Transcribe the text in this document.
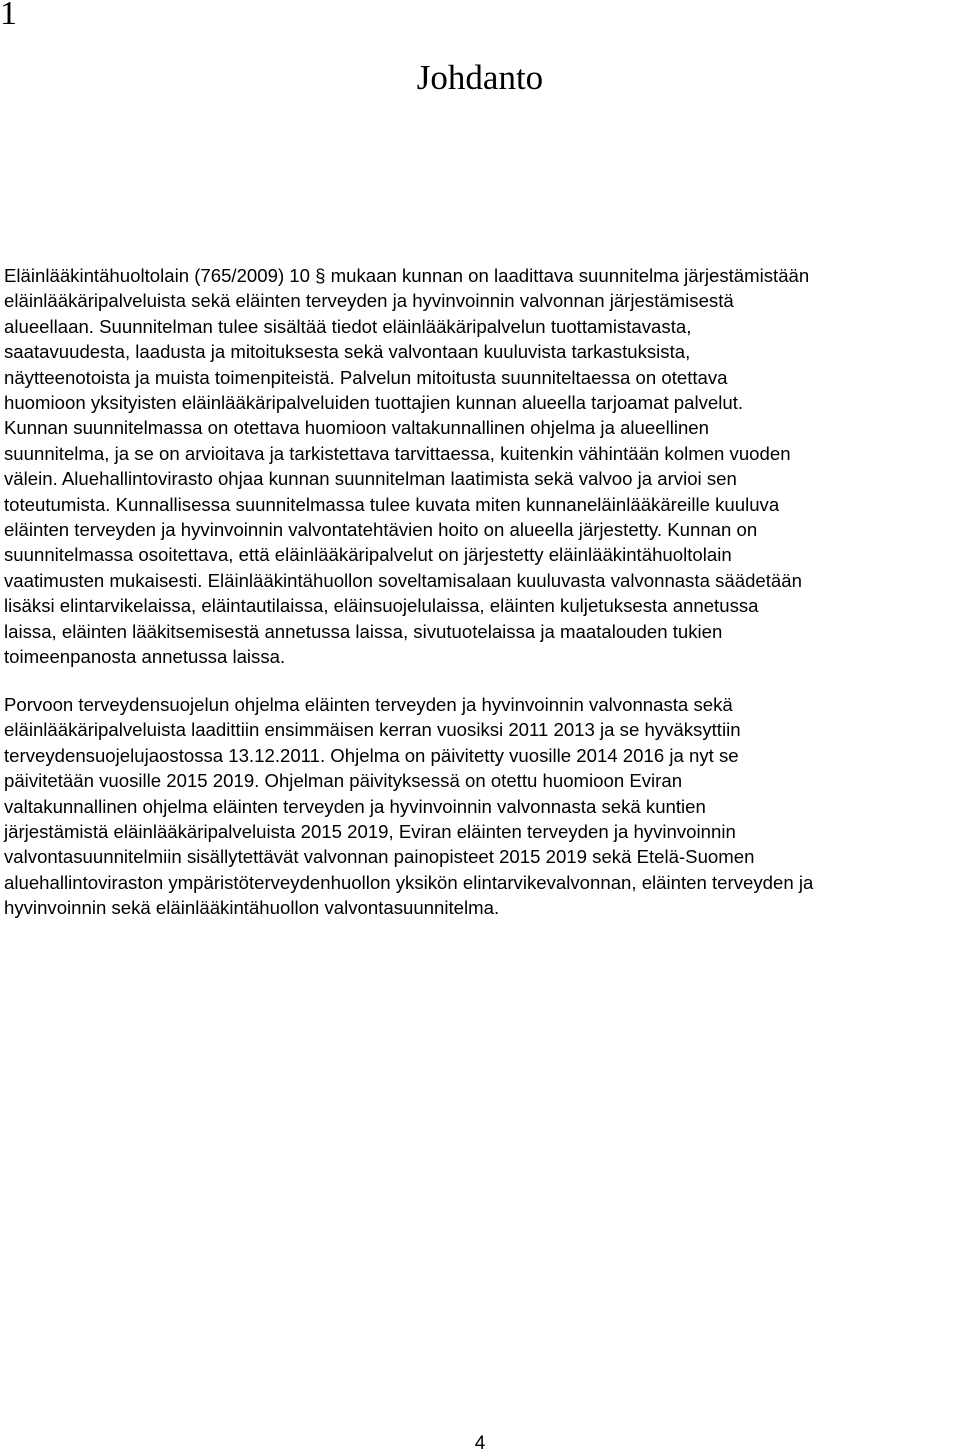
1
Johdanto
Eläinlääkintähuoltolain (765/2009) 10 § mukaan kunnan on laadittava suunnitelma järjestämistään
eläinlääkäripalveluista sekä eläinten terveyden ja hyvinvoinnin valvonnan järjestämisestä
alueellaan. Suunnitelman tulee sisältää tiedot eläinlääkäripalvelun tuottamistavasta,
saatavuudesta, laadusta ja mitoituksesta sekä valvontaan kuuluvista tarkastuksista,
näytteenotoista ja muista toimenpiteistä. Palvelun mitoitusta suunniteltaessa on otettava
huomioon yksityisten eläinlääkäripalveluiden tuottajien kunnan alueella tarjoamat palvelut.
Kunnan suunnitelmassa on otettava huomioon valtakunnallinen ohjelma ja alueellinen
suunnitelma, ja se on arvioitava ja tarkistettava tarvittaessa, kuitenkin vähintään kolmen vuoden
välein. Aluehallintovirasto ohjaa kunnan suunnitelman laatimista sekä valvoo ja arvioi sen
toteutumista. Kunnallisessa suunnitelmassa tulee kuvata miten kunnaneläinlääkäreille kuuluva
eläinten terveyden ja hyvinvoinnin valvontatehtävien hoito on alueella järjestetty. Kunnan on
suunnitelmassa osoitettava, että eläinlääkäripalvelut on järjestetty eläinlääkintähuoltolain
vaatimusten mukaisesti. Eläinlääkintähuollon soveltamisalaan kuuluvasta valvonnasta säädetään
lisäksi elintarvikelaissa, eläintautilaissa, eläinsuojelulaissa, eläinten kuljetuksesta annetussa
laissa, eläinten lääkitsemisestä annetussa laissa, sivutuotelaissa ja maatalouden tukien
toimeenpanosta annetussa laissa.
Porvoon terveydensuojelun ohjelma eläinten terveyden ja hyvinvoinnin valvonnasta sekä
eläinlääkäripalveluista laadittiin ensimmäisen kerran vuosiksi 2011 2013 ja se hyväksyttiin
terveydensuojelujaostossa 13.12.2011. Ohjelma on päivitetty vuosille 2014 2016 ja nyt se
päivitetään vuosille 2015 2019. Ohjelman päivityksessä on otettu huomioon Eviran
valtakunnallinen ohjelma eläinten terveyden ja hyvinvoinnin valvonnasta sekä kuntien
järjestämistä eläinlääkäripalveluista 2015 2019, Eviran eläinten terveyden ja hyvinvoinnin
valvontasuunnitelmiin sisällytettävät valvonnan painopisteet 2015 2019 sekä Etelä-Suomen
aluehallintoviraston ympäristöterveydenhuollon yksikön elintarvikevalvonnan, eläinten terveyden ja
hyvinvoinnin sekä eläinlääkintähuollon valvontasuunnitelma.
4
